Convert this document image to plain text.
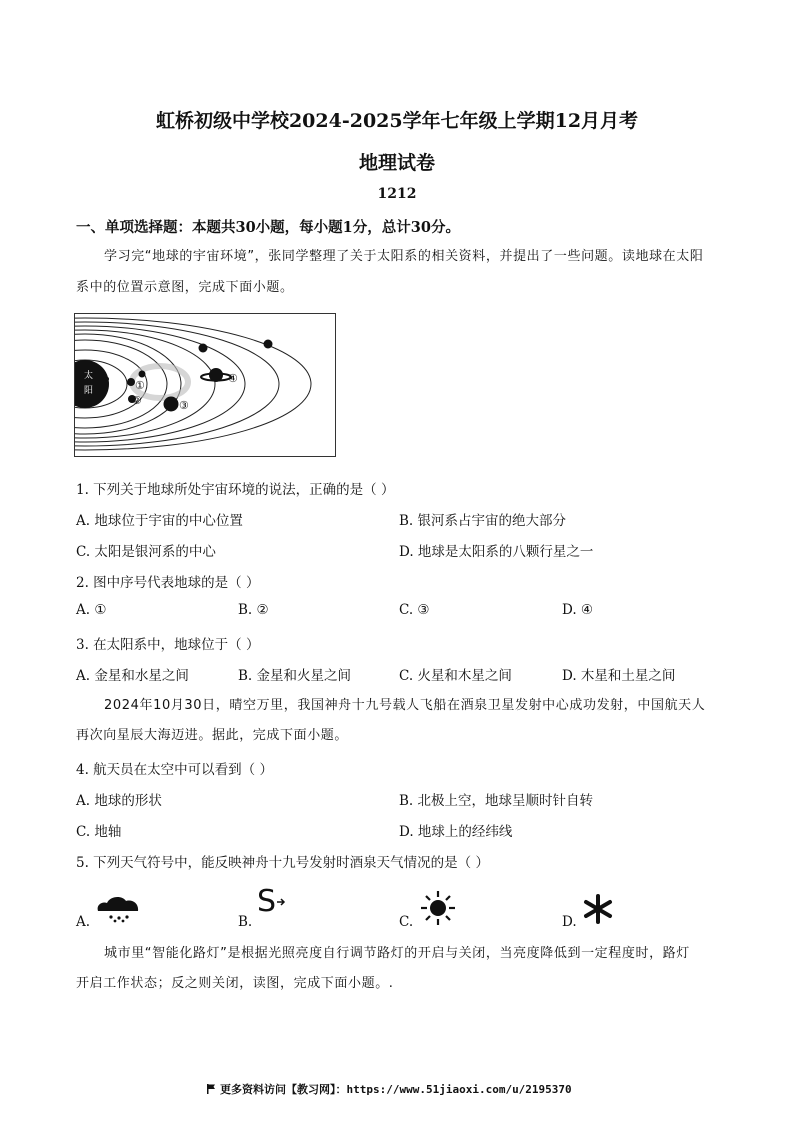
虹桥初级中学校2024-2025学年七年级上学期12月月考
地理试卷
1212
一、单项选择题：本题共30小题，每小题1分，总计30分。
学习完“地球的宇宙环境”，张同学整理了关于太阳系的相关资料，并提出了一些问题。读地球在太阳
系中的位置示意图，完成下面小题。
太
阳	①
②	③
④
1. 下列关于地球所处宇宙环境的说法，正确的是（ ）
A. 地球位于宇宙的中心位置	B. 银河系占宇宙的绝大部分
C. 太阳是银河系的中心	D. 地球是太阳系的八颗行星之一
2. 图中序号代表地球的是（ ）
A. ①	B. ②	C. ③	D. ④
3. 在太阳系中，地球位于（ ）
A. 金星和水星之间	B. 金星和火星之间	C. 火星和木星之间	D. 木星和土星之间
2024年10月30日，晴空万里，我国神舟十九号载人飞船在酒泉卫星发射中心成功发射，中国航天人
再次向星辰大海迈进。据此，完成下面小题。
4. 航天员在太空中可以看到（ ）
A. 地球的形状	B. 北极上空，地球呈顺时针自转
C. 地轴	D. 地球上的经纬线
5. 下列天气符号中，能反映神舟十九号发射时酒泉天气情况的是（ ）
A.	B.
S
C.	D.
城市里“智能化路灯”是根据光照亮度自行调节路灯的开启与关闭，当亮度降低到一定程度时，路灯
开启工作状态；反之则关闭，读图，完成下面小题。.
更多资料访问【教习网】：https://www.51jiaoxi.com/u/2195370
